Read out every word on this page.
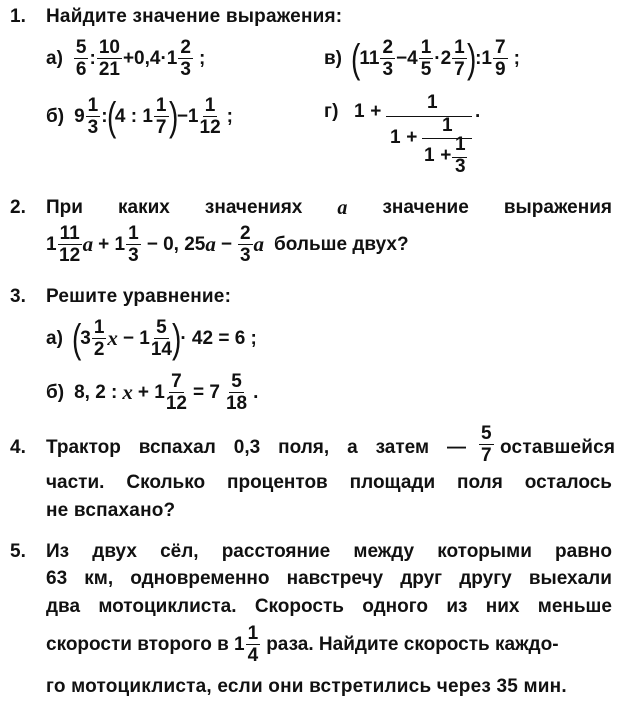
1. Найдите значение выражения:
а) 5
6
: 10
21
+0,4·1 2
3
;	в) (
11 2
3
−4 1
5
·2 1
7 )
:1 7
9
;
б) 9 1
3
:
(
4 : 1 1
7 )
−1 1
12
;	г) 1 + 1 .
1 +
1
1 +
1
3
2. При каких значениях a значение выражения
1 11
12 a + 1 1
3
− 0, 25 a − 2
3 a больше двух?
3. Решите уравнение:
а) (
3 1
2 x − 1 5
14 )
· 42 = 6 ;
б) 8, 2 : x + 1 7
12
= 7 5
18
.
4. Трактор вспахал 0,3 поля, а затем —
5
7 оставшейся
части. Сколько процентов площади поля осталось
не вспахано?
5. Из двух сёл, расстояние между которыми равно
63 км, одновременно навстречу друг другу выехали
два мотоциклиста. Скорость одного из них меньше
скорости второго в 1 1
4
раза. Найдите скорость каждо-
го мотоциклиста, если они встретились через 35 мин.
